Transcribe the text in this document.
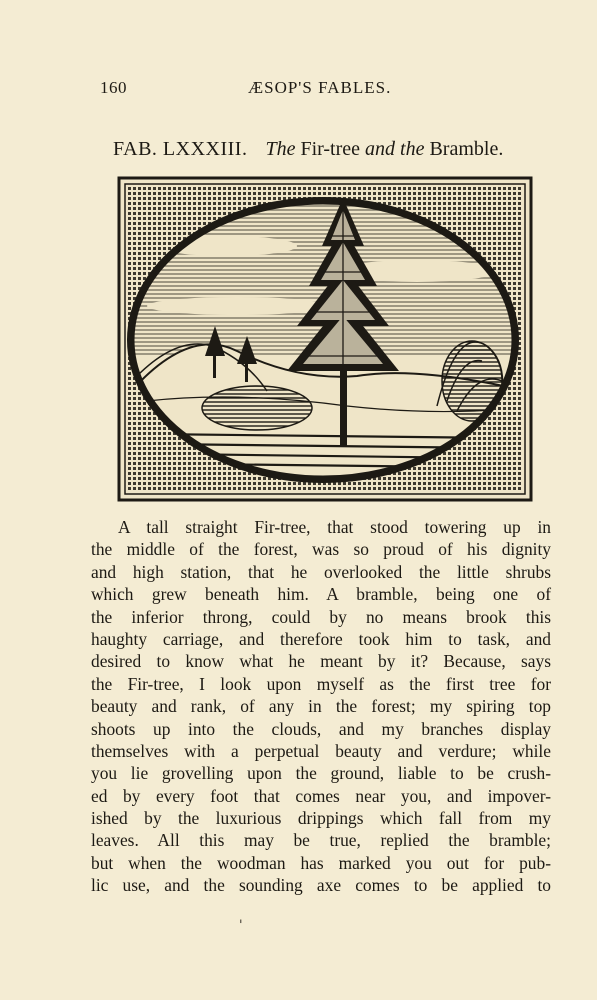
160	ÆSOP'S FABLES.
FAB. LXXXIII. The Fir-tree and the Bramble.
A tall straight Fir-tree, that stood towering up in
the middle of the forest, was so proud of his dignity
and high station, that he overlooked the little shrubs
which grew beneath him. A bramble, being one of
the inferior throng, could by no means brook this
haughty carriage, and therefore took him to task, and
desired to know what he meant by it? Because, says
the Fir-tree, I look upon myself as the first tree for
beauty and rank, of any in the forest; my spiring top
shoots up into the clouds, and my branches display
themselves with a perpetual beauty and verdure; while
you lie grovelling upon the ground, liable to be crush-
ed by every foot that comes near you, and impover-
ished by the luxurious drippings which fall from my
leaves. All this may be true, replied the bramble;
but when the woodman has marked you out for pub-
lic use, and the sounding axe comes to be applied to
'
